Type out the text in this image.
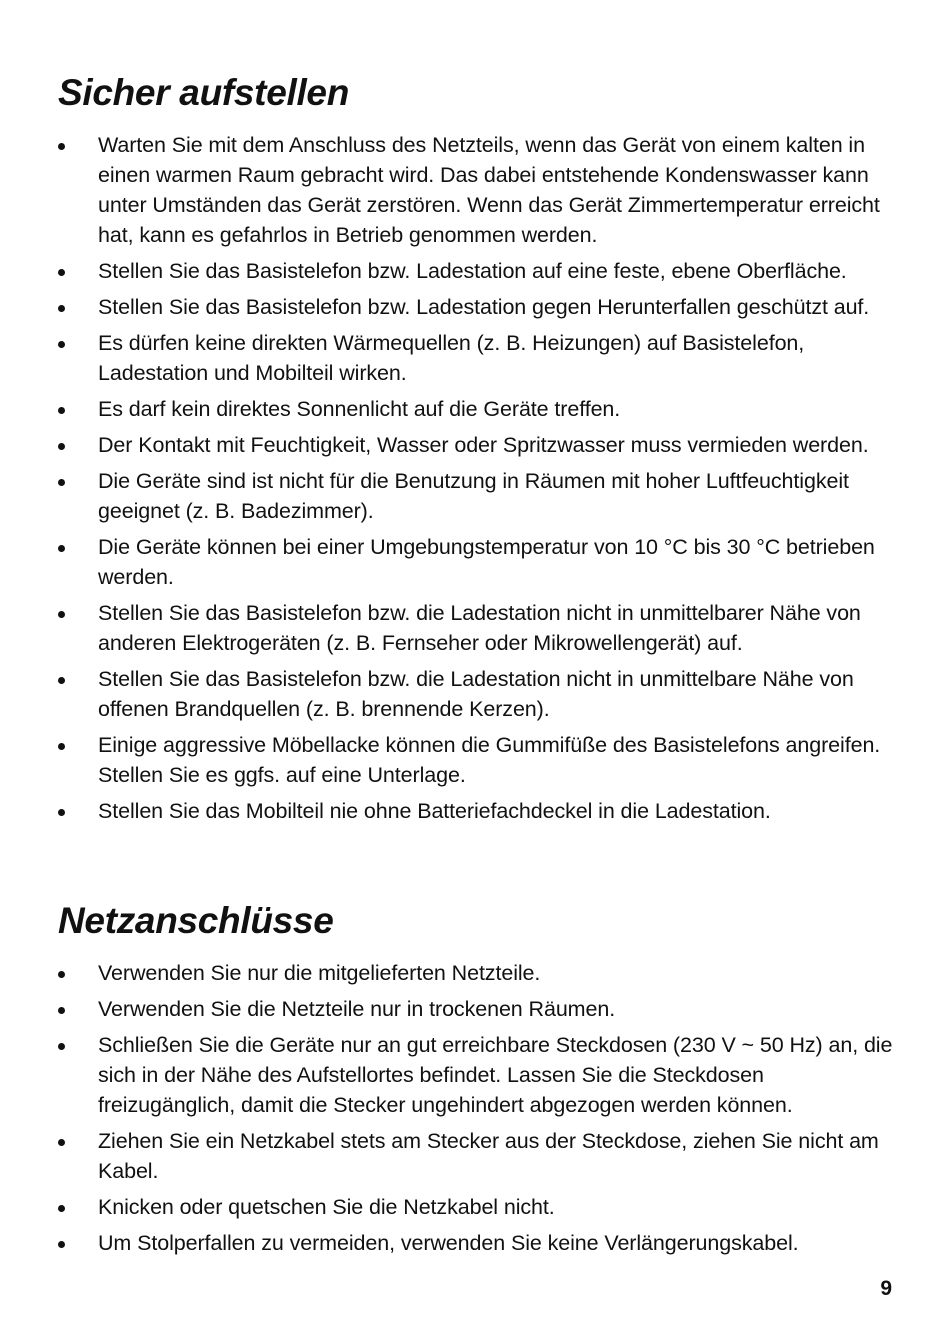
Sicher aufstellen
Warten Sie mit dem Anschluss des Netzteils, wenn das Gerät von einem kalten in einen warmen Raum gebracht wird. Das dabei entstehende Kondenswasser kann unter Umständen das Gerät zerstören. Wenn das Gerät Zimmertemperatur erreicht hat, kann es gefahrlos in Betrieb genommen werden.
Stellen Sie das Basistelefon bzw. Ladestation auf eine feste, ebene Oberfläche.
Stellen Sie das Basistelefon bzw. Ladestation gegen Herunterfallen geschützt auf.
Es dürfen keine direkten Wärmequellen (z. B. Heizungen) auf Basistelefon, Ladestation und Mobilteil wirken.
Es darf kein direktes Sonnenlicht auf die Geräte treffen.
Der Kontakt mit Feuchtigkeit, Wasser oder Spritzwasser muss vermieden werden.
Die Geräte sind ist nicht für die Benutzung in Räumen mit hoher Luftfeuchtigkeit geeignet (z. B. Badezimmer).
Die Geräte können bei einer Umgebungstemperatur von 10 °C bis 30 °C betrieben werden.
Stellen Sie das Basistelefon bzw. die Ladestation nicht in unmittelbarer Nähe von anderen Elektrogeräten (z. B. Fernseher oder Mikrowellengerät) auf.
Stellen Sie das Basistelefon bzw. die Ladestation nicht in unmittelbare Nähe von offenen Brandquellen (z. B. brennende Kerzen).
Einige aggressive Möbellacke können die Gummifüße des Basistelefons angreifen. Stellen Sie es ggfs. auf eine Unterlage.
Stellen Sie das Mobilteil nie ohne Batteriefachdeckel in die Ladestation.
Netzanschlüsse
Verwenden Sie nur die mitgelieferten Netzteile.
Verwenden Sie die Netzteile nur in trockenen Räumen.
Schließen Sie die Geräte nur an gut erreichbare Steckdosen (230 V ~ 50 Hz) an, die sich in der Nähe des Aufstellortes befindet. Lassen Sie die Steckdosen freizugänglich, damit die Stecker ungehindert abgezogen werden können.
Ziehen Sie ein Netzkabel stets am Stecker aus der Steckdose, ziehen Sie nicht am Kabel.
Knicken oder quetschen Sie die Netzkabel nicht.
Um Stolperfallen zu vermeiden, verwenden Sie keine Verlängerungskabel.
9
